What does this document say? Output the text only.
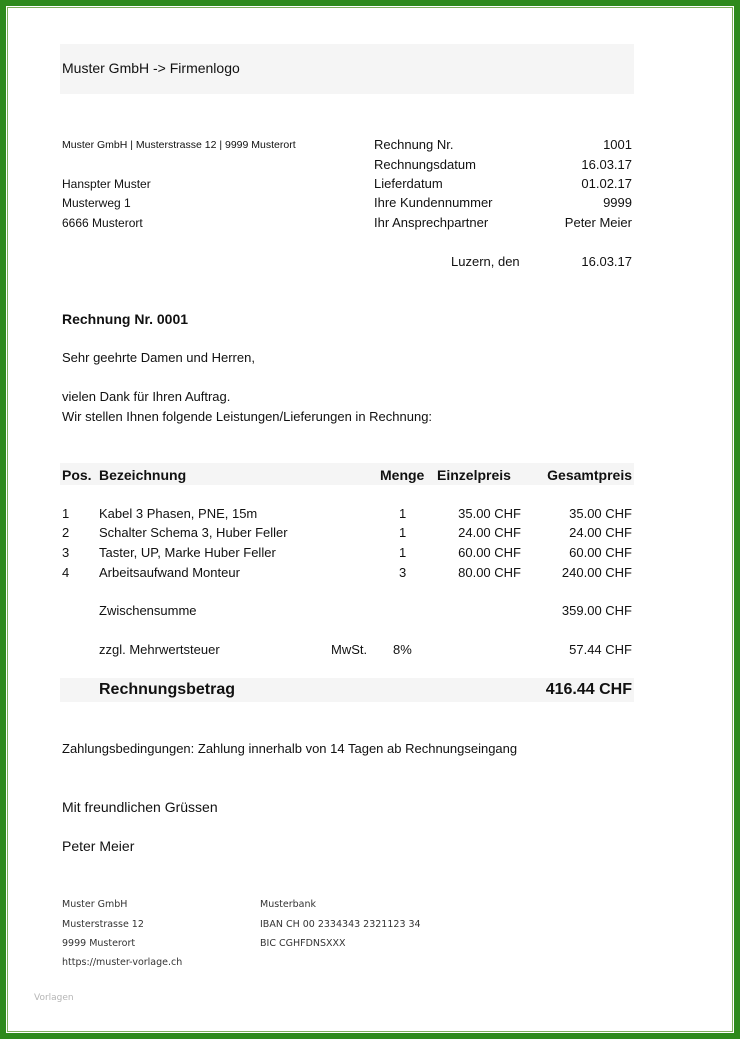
Muster GmbH -> Firmenlogo
Muster GmbH | Musterstrasse 12 | 9999 Musterort
Hanspter Muster
Musterweg 1
6666 Musterort
Rechnung Nr.	1001
Rechnungsdatum	16.03.17
Lieferdatum	01.02.17
Ihre Kundennummer	9999
Ihr Ansprechpartner	Peter Meier
Luzern, den	16.03.17
Rechnung Nr. 0001
Sehr geehrte Damen und Herren,
vielen Dank für Ihren Auftrag.
Wir stellen Ihnen folgende Leistungen/Lieferungen in Rechnung:
Pos. Bezeichnung	Menge Einzelpreis	Gesamtpreis
1 Kabel 3 Phasen, PNE, 15m	1	35.00 CHF	35.00 CHF
2 Schalter Schema 3, Huber Feller	1	24.00 CHF	24.00 CHF
3 Taster, UP, Marke Huber Feller	1	60.00 CHF	60.00 CHF
4 Arbeitsaufwand Monteur	3	80.00 CHF	240.00 CHF
Zwischensumme	359.00 CHF
zzgl. Mehrwertsteuer	MwSt. 8%	57.44 CHF
Rechnungsbetrag	416.44 CHF
Zahlungsbedingungen: Zahlung innerhalb von 14 Tagen ab Rechnungseingang
Mit freundlichen Grüssen
Peter Meier
Muster GmbH
Musterstrasse 12
9999 Musterort
https://muster-vorlage.ch
Musterbank
IBAN CH 00 2334343 2321123 34
BIC CGHFDNSXXX
Vorlagen
